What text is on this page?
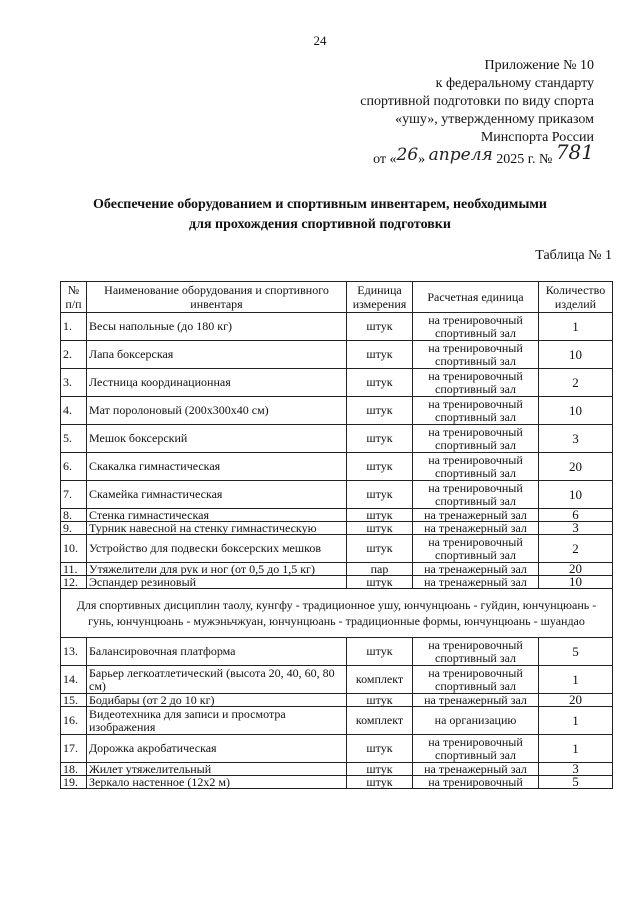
24
Приложение № 10
к федеральному стандарту
спортивной подготовки по виду спорта
«ушу», утвержденному приказом
Минспорта России
от «26» апреля 2025 г. № 781
Обеспечение оборудованием и спортивным инвентарем, необходимыми
для прохождения спортивной подготовки
Таблица № 1
№ п/п	Наименование оборудования и спортивного инвентаря	Единица измерения	Расчетная единица	Количество изделий
1.	Весы напольные (до 180 кг)	штук	на тренировочный спортивный зал	1
2.	Лапа боксерская	штук	на тренировочный спортивный зал	10
3.	Лестница координационная	штук	на тренировочный спортивный зал	2
4.	Мат поролоновый (200x300x40 см)	штук	на тренировочный спортивный зал	10
5.	Мешок боксерский	штук	на тренировочный спортивный зал	3
6.	Скакалка гимнастическая	штук	на тренировочный спортивный зал	20
7.	Скамейка гимнастическая	штук	на тренировочный спортивный зал	10
8.	Стенка гимнастическая	штук	на тренажерный зал	6
9.	Турник навесной на стенку гимнастическую	штук	на тренажерный зал	3
10.	Устройство для подвески боксерских мешков	штук	на тренировочный спортивный зал	2
11.	Утяжелители для рук и ног (от 0,5 до 1,5 кг)	пар	на тренажерный зал	20
12.	Эспандер резиновый	штук	на тренажерный зал	10
Для спортивных дисциплин таолу, кунгфу - традиционное ушу, юнчунцюань - гуйдин, юнчунцюань - гунь, юнчунцюань - мужэньчжуан, юнчунцюань - традиционные формы, юнчунцюань - шуандао				
13.	Балансировочная платформа	штук	на тренировочный спортивный зал	5
14.	Барьер легкоатлетический (высота 20, 40, 60, 80 см)	комплект	на тренировочный спортивный зал	1
15.	Бодибары (от 2 до 10 кг)	штук	на тренажерный зал	20
16.	Видеотехника для записи и просмотра изображения	комплект	на организацию	1
17.	Дорожка акробатическая	штук	на тренировочный спортивный зал	1
18.	Жилет утяжелительный	штук	на тренажерный зал	3
19.	Зеркало настенное (12x2 м)	штук	на тренировочный	5
